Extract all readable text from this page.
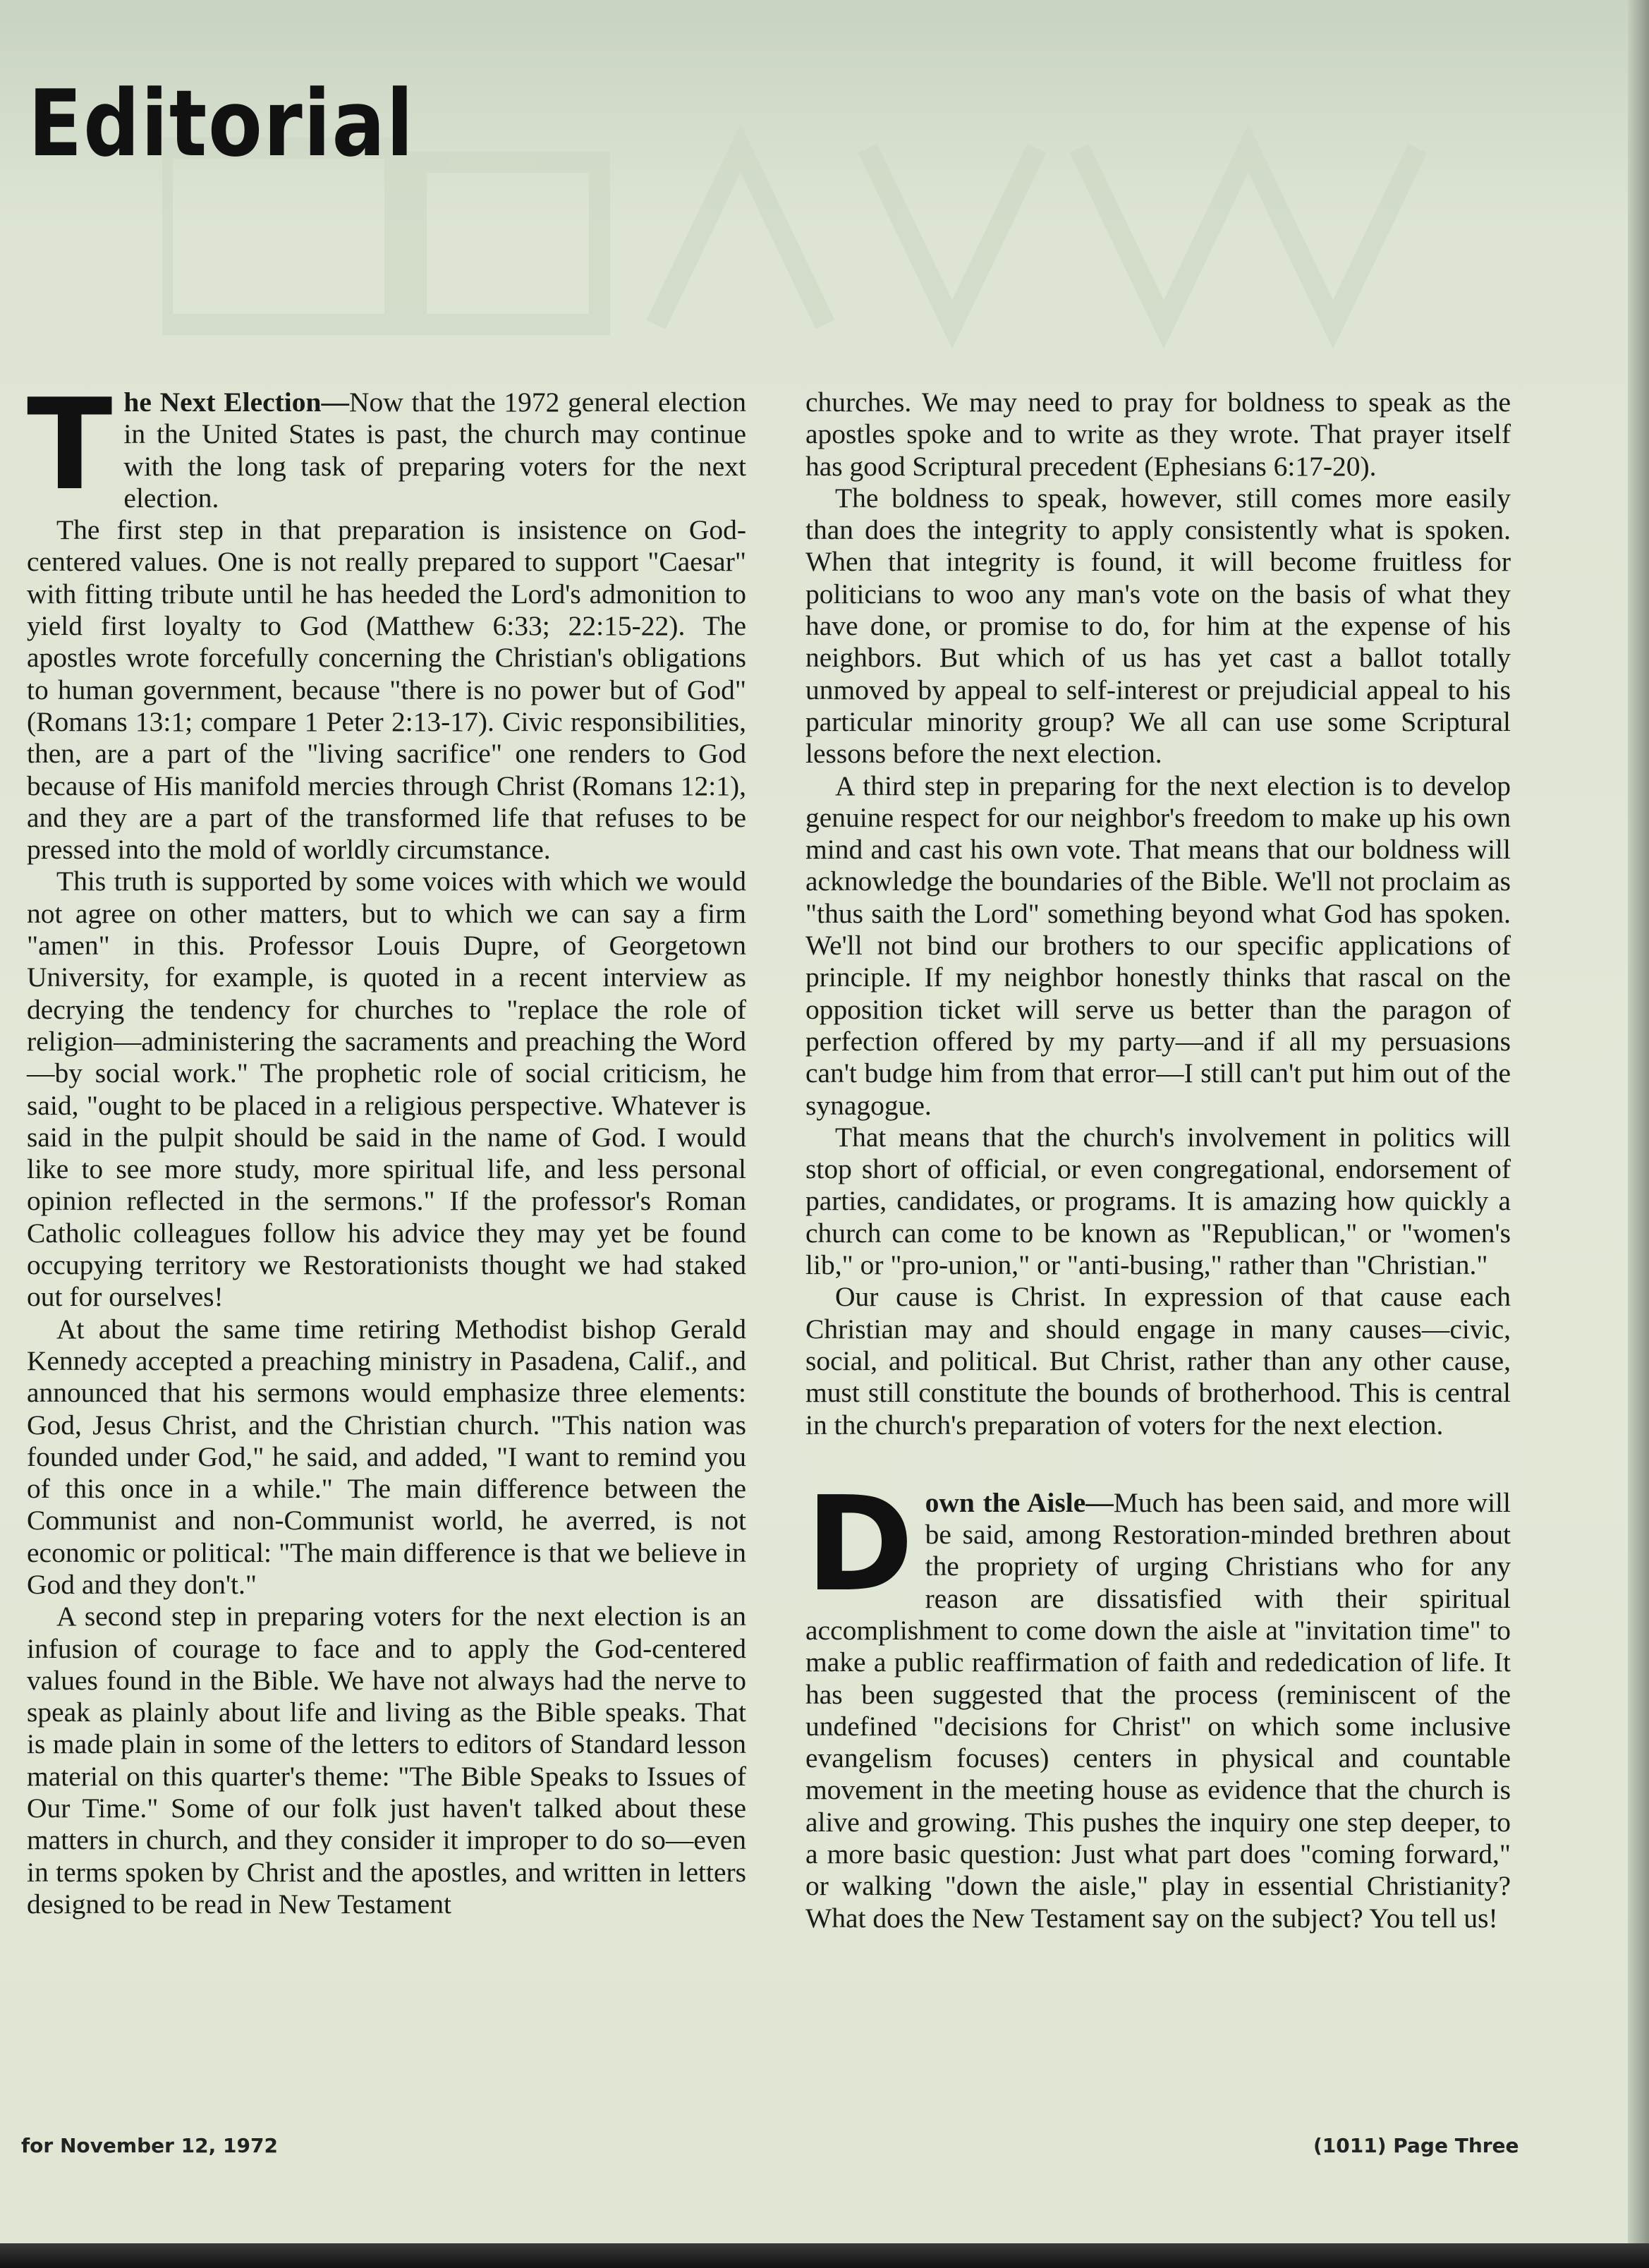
Editorial

T he Next Election—Now that the 1972 general election in the United States is past, the church may continue with the long task of preparing voters for the next election.

The first step in that preparation is insistence on God-centered values. One is not really prepared to support "Caesar" with fitting tribute until he has heeded the Lord's admonition to yield first loyalty to God (Matthew 6:33; 22:15-22). The apostles wrote forcefully concerning the Christian's obligations to human government, because "there is no power but of God" (Romans 13:1; compare 1 Peter 2:13-17). Civic responsibilities, then, are a part of the "living sacrifice" one renders to God because of His manifold mercies through Christ (Romans 12:1), and they are a part of the transformed life that refuses to be pressed into the mold of worldly circumstance.

This truth is supported by some voices with which we would not agree on other matters, but to which we can say a firm "amen" in this. Professor Louis Dupre, of Georgetown University, for example, is quoted in a recent interview as decrying the tendency for churches to "replace the role of religion—administering the sacraments and preaching the Word—by social work." The prophetic role of social criticism, he said, "ought to be placed in a religious perspective. Whatever is said in the pulpit should be said in the name of God. I would like to see more study, more spiritual life, and less personal opinion reflected in the sermons." If the professor's Roman Catholic colleagues follow his advice they may yet be found occupying territory we Restorationists thought we had staked out for ourselves!

At about the same time retiring Methodist bishop Gerald Kennedy accepted a preaching ministry in Pasadena, Calif., and announced that his sermons would emphasize three elements: God, Jesus Christ, and the Christian church. "This nation was founded under God," he said, and added, "I want to remind you of this once in a while." The main difference between the Communist and non-Communist world, he averred, is not economic or political: "The main difference is that we believe in God and they don't."

A second step in preparing voters for the next election is an infusion of courage to face and to apply the God-centered values found in the Bible. We have not always had the nerve to speak as plainly about life and living as the Bible speaks. That is made plain in some of the letters to editors of Standard lesson material on this quarter's theme: "The Bible Speaks to Issues of Our Time." Some of our folk just haven't talked about these matters in church, and they consider it improper to do so—even in terms spoken by Christ and the apostles, and written in letters designed to be read in New Testament

churches. We may need to pray for boldness to speak as the apostles spoke and to write as they wrote. That prayer itself has good Scriptural precedent (Ephesians 6:17-20).

The boldness to speak, however, still comes more easily than does the integrity to apply consistently what is spoken. When that integrity is found, it will become fruitless for politicians to woo any man's vote on the basis of what they have done, or promise to do, for him at the expense of his neighbors. But which of us has yet cast a ballot totally unmoved by appeal to self-interest or prejudicial appeal to his particular minority group? We all can use some Scriptural lessons before the next election.

A third step in preparing for the next election is to develop genuine respect for our neighbor's freedom to make up his own mind and cast his own vote. That means that our boldness will acknowledge the boundaries of the Bible. We'll not proclaim as "thus saith the Lord" something beyond what God has spoken. We'll not bind our brothers to our specific applications of principle. If my neighbor honestly thinks that rascal on the opposition ticket will serve us better than the paragon of perfection offered by my party—and if all my persuasions can't budge him from that error—I still can't put him out of the synagogue.

That means that the church's involvement in politics will stop short of official, or even congregational, endorsement of parties, candidates, or programs. It is amazing how quickly a church can come to be known as "Republican," or "women's lib," or "pro-union," or "anti-busing," rather than "Christian."

Our cause is Christ. In expression of that cause each Christian may and should engage in many causes—civic, social, and political. But Christ, rather than any other cause, must still constitute the bounds of brotherhood. This is central in the church's preparation of voters for the next election.

D own the Aisle—Much has been said, and more will be said, among Restoration-minded brethren about the propriety of urging Christians who for any reason are dissatisfied with their spiritual accomplishment to come down the aisle at "invitation time" to make a public reaffirmation of faith and rededication of life. It has been suggested that the process (reminiscent of the undefined "decisions for Christ" on which some inclusive evangelism focuses) centers in physical and countable movement in the meeting house as evidence that the church is alive and growing. This pushes the inquiry one step deeper, to a more basic question: Just what part does "coming forward," or walking "down the aisle," play in essential Christianity? What does the New Testament say on the subject? You tell us!

for November 12, 1972	(1011) Page Three
